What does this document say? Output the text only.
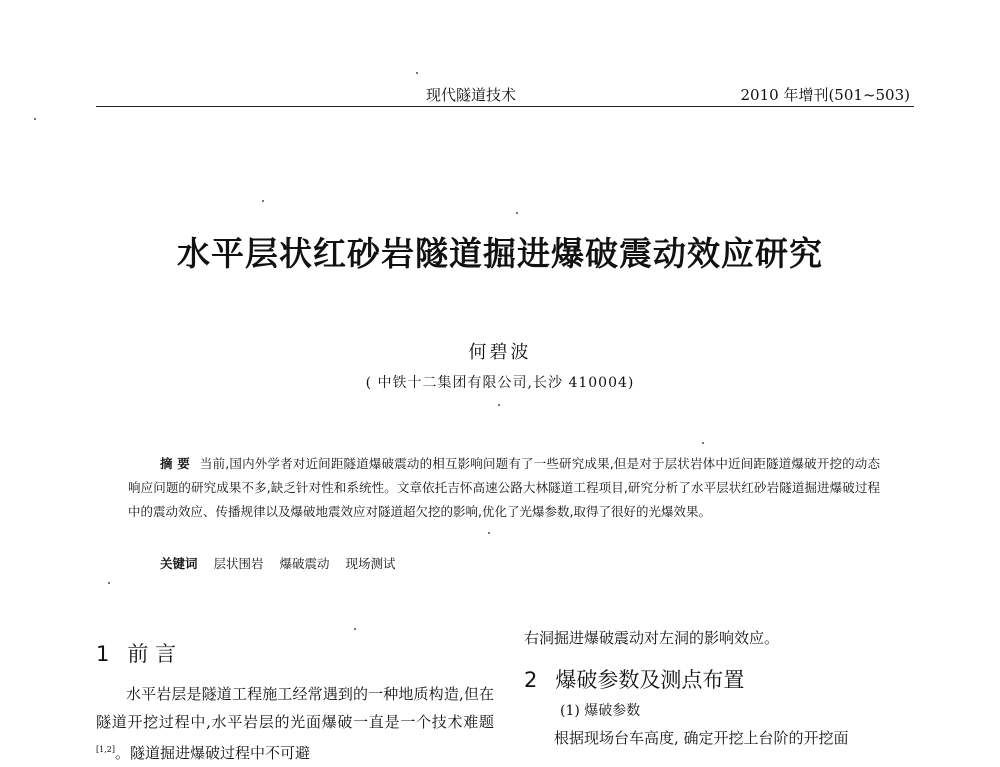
现代隧道技术	2010 年增刊(501~503)
水平层状红砂岩隧道掘进爆破震动效应研究
何碧波
( 中铁十二集团有限公司,长沙 410004)
摘 要 当前,国内外学者对近间距隧道爆破震动的相互影响问题有了一些研究成果,但是对于层状岩体中近间距隧道爆破开挖的动态响应问题的研究成果不多,缺乏针对性和系统性。文章依托吉怀高速公路大林隧道工程项目,研究分析了水平层状红砂岩隧道掘进爆破过程中的震动效应、传播规律以及爆破地震效应对隧道超欠挖的影响,优化了光爆参数,取得了很好的光爆效果。
关键词 层状围岩 爆破震动 现场测试
1 前 言
水平岩层是隧道工程施工经常遇到的一种地质构造,但在隧道开挖过程中,水平岩层的光面爆破一直是一个技术难题[1,2]。隧道掘进爆破过程中不可避
右洞掘进爆破震动对左洞的影响效应。
2 爆破参数及测点布置
(1) 爆破参数
根据现场台车高度, 确定开挖上台阶的开挖面
